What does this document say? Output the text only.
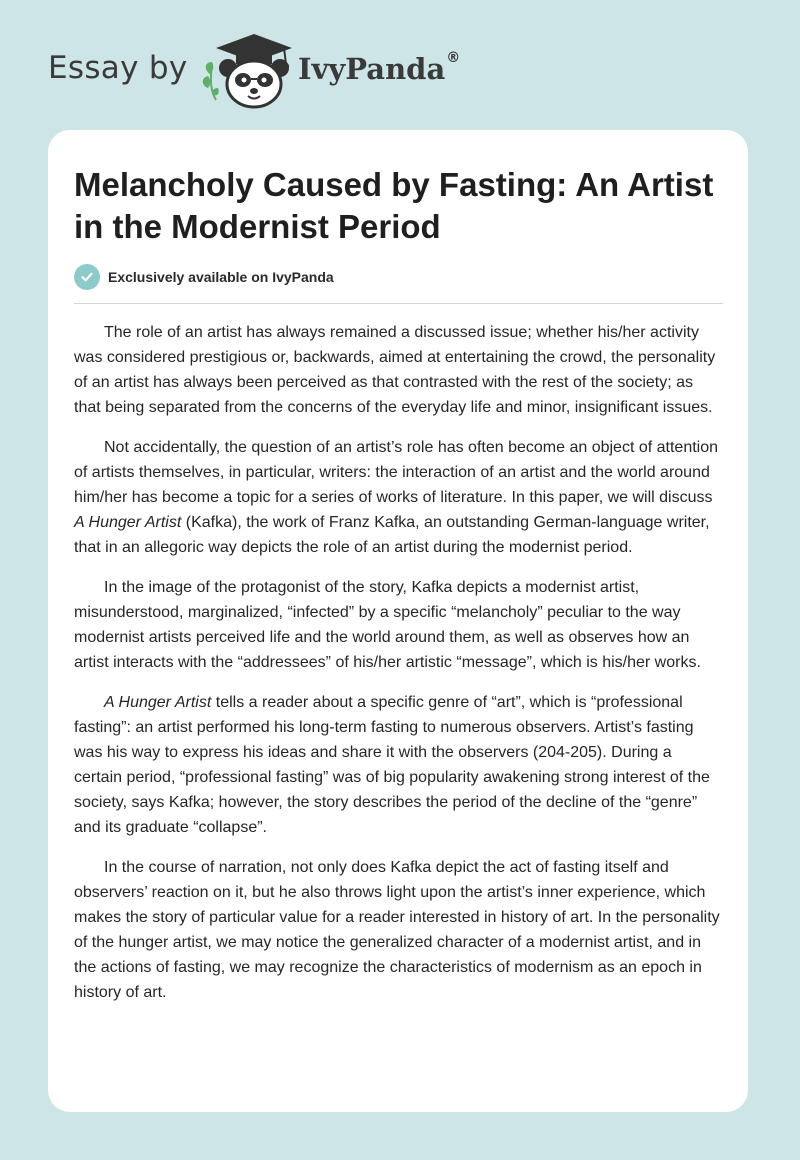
Essay by	IvyPanda®
Melancholy Caused by Fasting: An Artist in the Modernist Period
Exclusively available on IvyPanda

The role of an artist has always remained a discussed issue; whether his/her activity was considered prestigious or, backwards, aimed at entertaining the crowd, the personality of an artist has always been perceived as that contrasted with the rest of the society; as that being separated from the concerns of the everyday life and minor, insignificant issues.

Not accidentally, the question of an artist’s role has often become an object of attention of artists themselves, in particular, writers: the interaction of an artist and the world around him/her has become a topic for a series of works of literature. In this paper, we will discuss A Hunger Artist (Kafka), the work of Franz Kafka, an outstanding German-language writer, that in an allegoric way depicts the role of an artist during the modernist period.

In the image of the protagonist of the story, Kafka depicts a modernist artist, misunderstood, marginalized, “infected” by a specific “melancholy” peculiar to the way modernist artists perceived life and the world around them, as well as observes how an artist interacts with the “addressees” of his/her artistic “message”, which is his/her works.

A Hunger Artist tells a reader about a specific genre of “art”, which is “professional fasting”: an artist performed his long-term fasting to numerous observers. Artist’s fasting was his way to express his ideas and share it with the observers (204-205). During a certain period, “professional fasting” was of big popularity awakening strong interest of the society, says Kafka; however, the story describes the period of the decline of the “genre” and its graduate “collapse”.

In the course of narration, not only does Kafka depict the act of fasting itself and observers’ reaction on it, but he also throws light upon the artist’s inner experience, which makes the story of particular value for a reader interested in history of art. In the personality of the hunger artist, we may notice the generalized character of a modernist artist, and in the actions of fasting, we may recognize the characteristics of modernism as an epoch in history of art.
